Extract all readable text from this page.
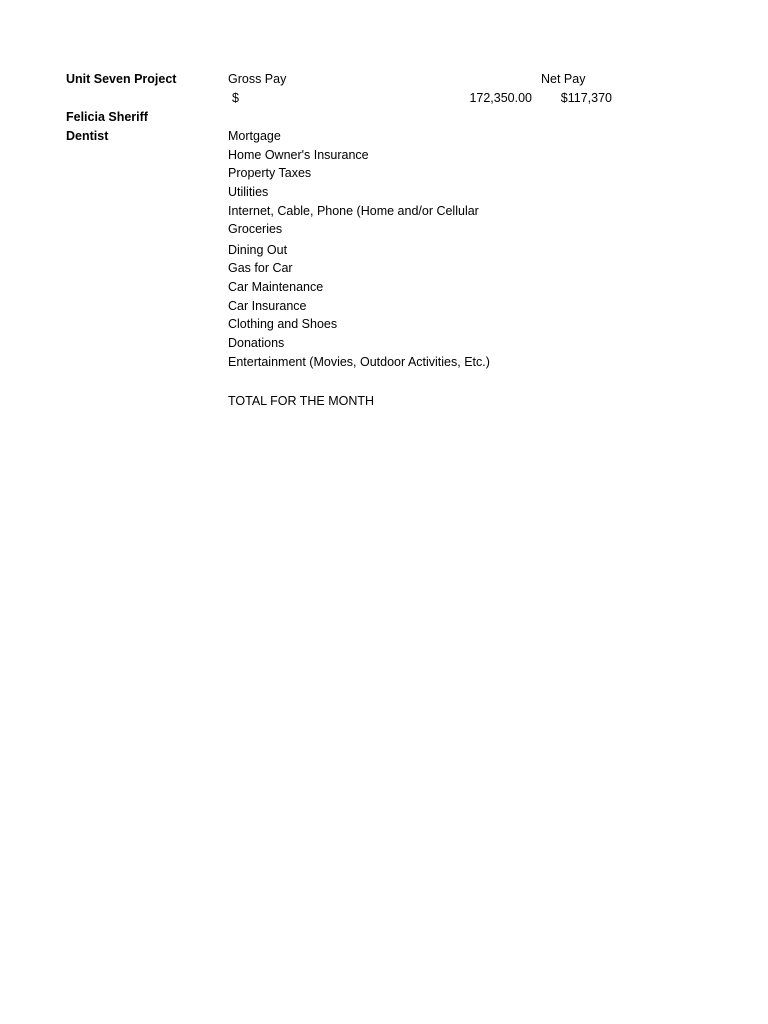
Unit Seven Project	Gross Pay	Net Pay
$	172,350.00	$117,370
Felicia Sheriff
Dentist	Mortgage
Home Owner's Insurance
Property Taxes
Utilities
Internet, Cable, Phone (Home and/or Cellular
Groceries
Dining Out
Gas for Car
Car Maintenance
Car Insurance
Clothing and Shoes
Donations
Entertainment (Movies, Outdoor Activities, Etc.)
TOTAL FOR THE MONTH
